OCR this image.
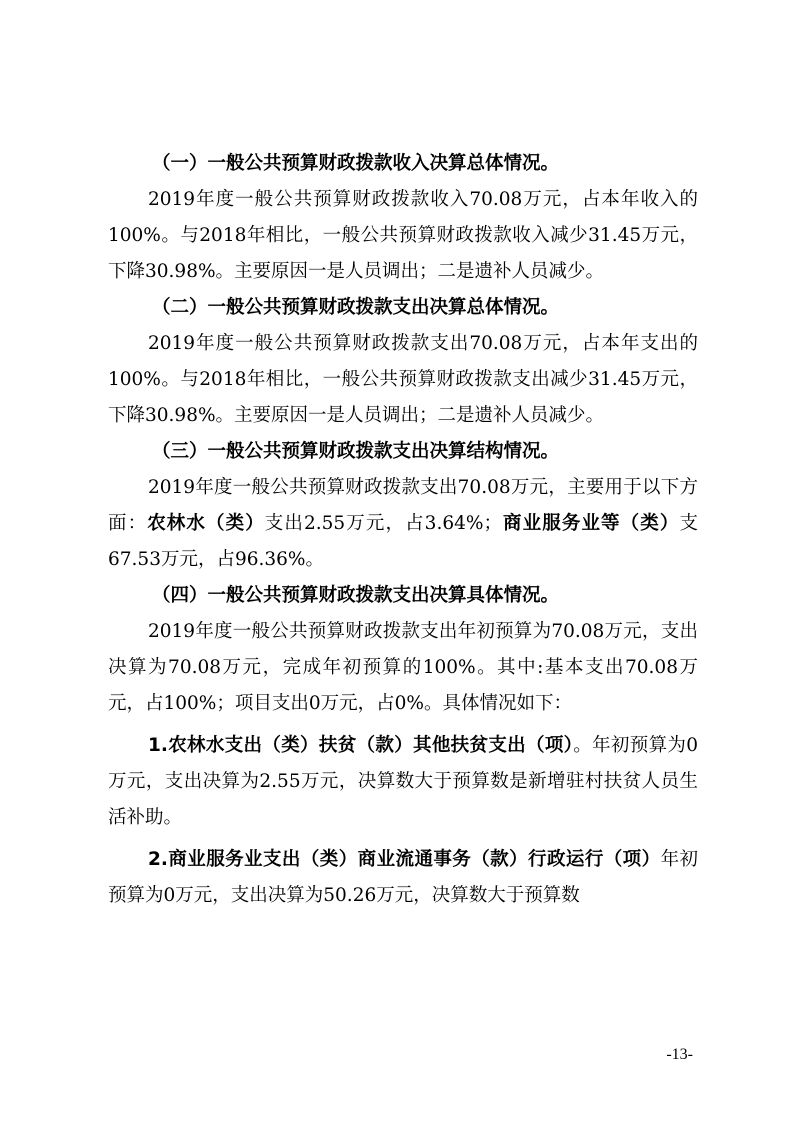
（一）一般公共预算财政拨款收入决算总体情况。

2019年度一般公共预算财政拨款收入70.08万元，占本年收入的100%。与2018年相比，一般公共预算财政拨款收入减少31.45万元，下降30.98%。主要原因一是人员调出；二是遗补人员减少。

（二）一般公共预算财政拨款支出决算总体情况。

2019年度一般公共预算财政拨款支出70.08万元，占本年支出的100%。与2018年相比，一般公共预算财政拨款支出减少31.45万元，下降30.98%。主要原因一是人员调出；二是遗补人员减少。

（三）一般公共预算财政拨款支出决算结构情况。

2019年度一般公共预算财政拨款支出70.08万元，主要用于以下方面：农林水（类）支出2.55万元，占3.64%；商业服务业等（类）支67.53万元，占96.36%。

（四）一般公共预算财政拨款支出决算具体情况。

2019年度一般公共预算财政拨款支出年初预算为70.08万元，支出决算为70.08万元，完成年初预算的100%。其中:基本支出70.08万元，占100%；项目支出0万元，占0%。具体情况如下：

1.农林水支出（类）扶贫（款）其他扶贫支出（项）。年初预算为0万元，支出决算为2.55万元，决算数大于预算数是新增驻村扶贫人员生活补助。

2.商业服务业支出（类）商业流通事务（款）行政运行（项）年初预算为0万元，支出决算为50.26万元，决算数大于预算数

-13-
